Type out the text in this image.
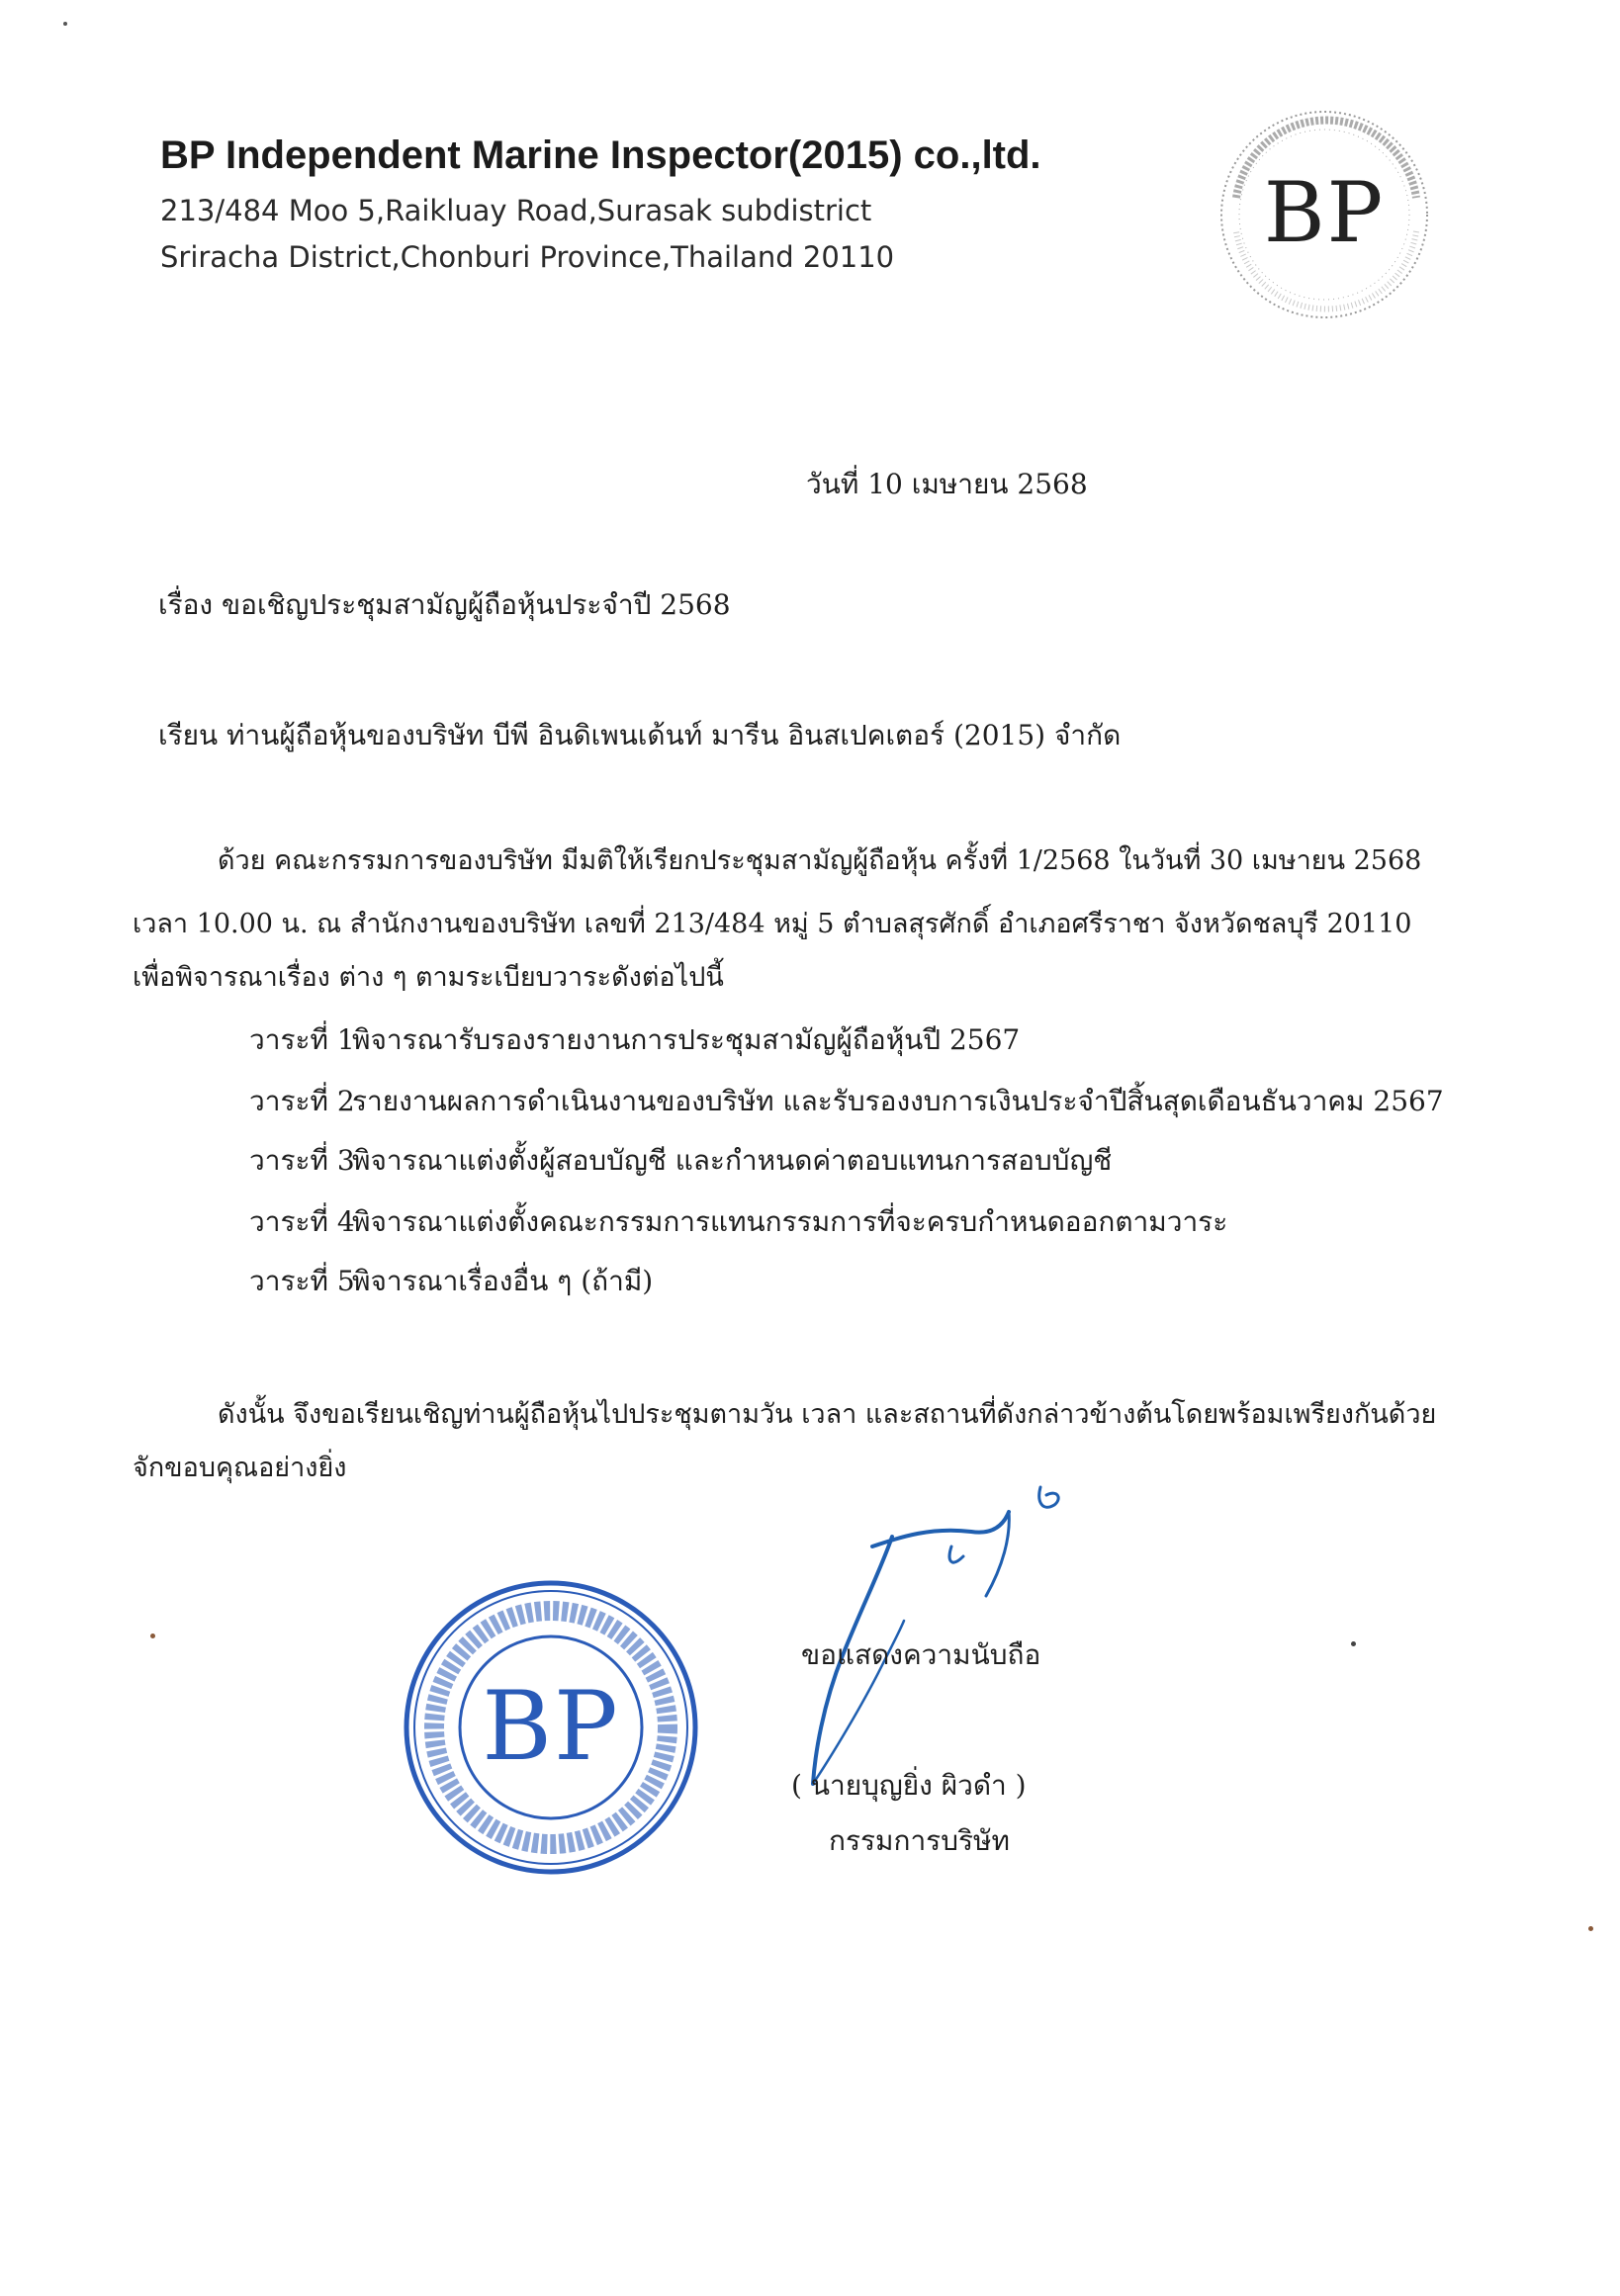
BP Independent Marine Inspector(2015) co.,ltd.
213/484 Moo 5,Raikluay Road,Surasak subdistrict
Sriracha District,Chonburi Province,Thailand 20110	BP
วันที่ 10 เมษายน 2568
เรื่อง ขอเชิญประชุมสามัญผู้ถือหุ้นประจำปี 2568
เรียน ท่านผู้ถือหุ้นของบริษัท บีพี อินดิเพนเด้นท์ มารีน อินสเปคเตอร์ (2015) จำกัด
ด้วย คณะกรรมการของบริษัท มีมติให้เรียกประชุมสามัญผู้ถือหุ้น ครั้งที่ 1/2568 ในวันที่ 30 เมษายน 2568
เวลา 10.00 น. ณ สำนักงานของบริษัท เลขที่ 213/484 หมู่ 5 ตำบลสุรศักดิ์ อำเภอศรีราชา จังหวัดชลบุรี 20110
เพื่อพิจารณาเรื่อง ต่าง ๆ ตามระเบียบวาระดังต่อไปนี้
วาระที่ 1พิจารณารับรองรายงานการประชุมสามัญผู้ถือหุ้นปี 2567
วาระที่ 2รายงานผลการดำเนินงานของบริษัท และรับรองงบการเงินประจำปีสิ้นสุดเดือนธันวาคม 2567
วาระที่ 3พิจารณาแต่งตั้งผู้สอบบัญชี และกำหนดค่าตอบแทนการสอบบัญชี
วาระที่ 4พิจารณาแต่งตั้งคณะกรรมการแทนกรรมการที่จะครบกำหนดออกตามวาระ
วาระที่ 5พิจารณาเรื่องอื่น ๆ (ถ้ามี)
ดังนั้น จึงขอเรียนเชิญท่านผู้ถือหุ้นไปประชุมตามวัน เวลา และสถานที่ดังกล่าวข้างต้นโดยพร้อมเพรียงกันด้วย
จักขอบคุณอย่างยิ่ง
BP
ขอแสดงความนับถือ
( นายบุญยิ่ง ผิวดำ )
กรรมการบริษัท
